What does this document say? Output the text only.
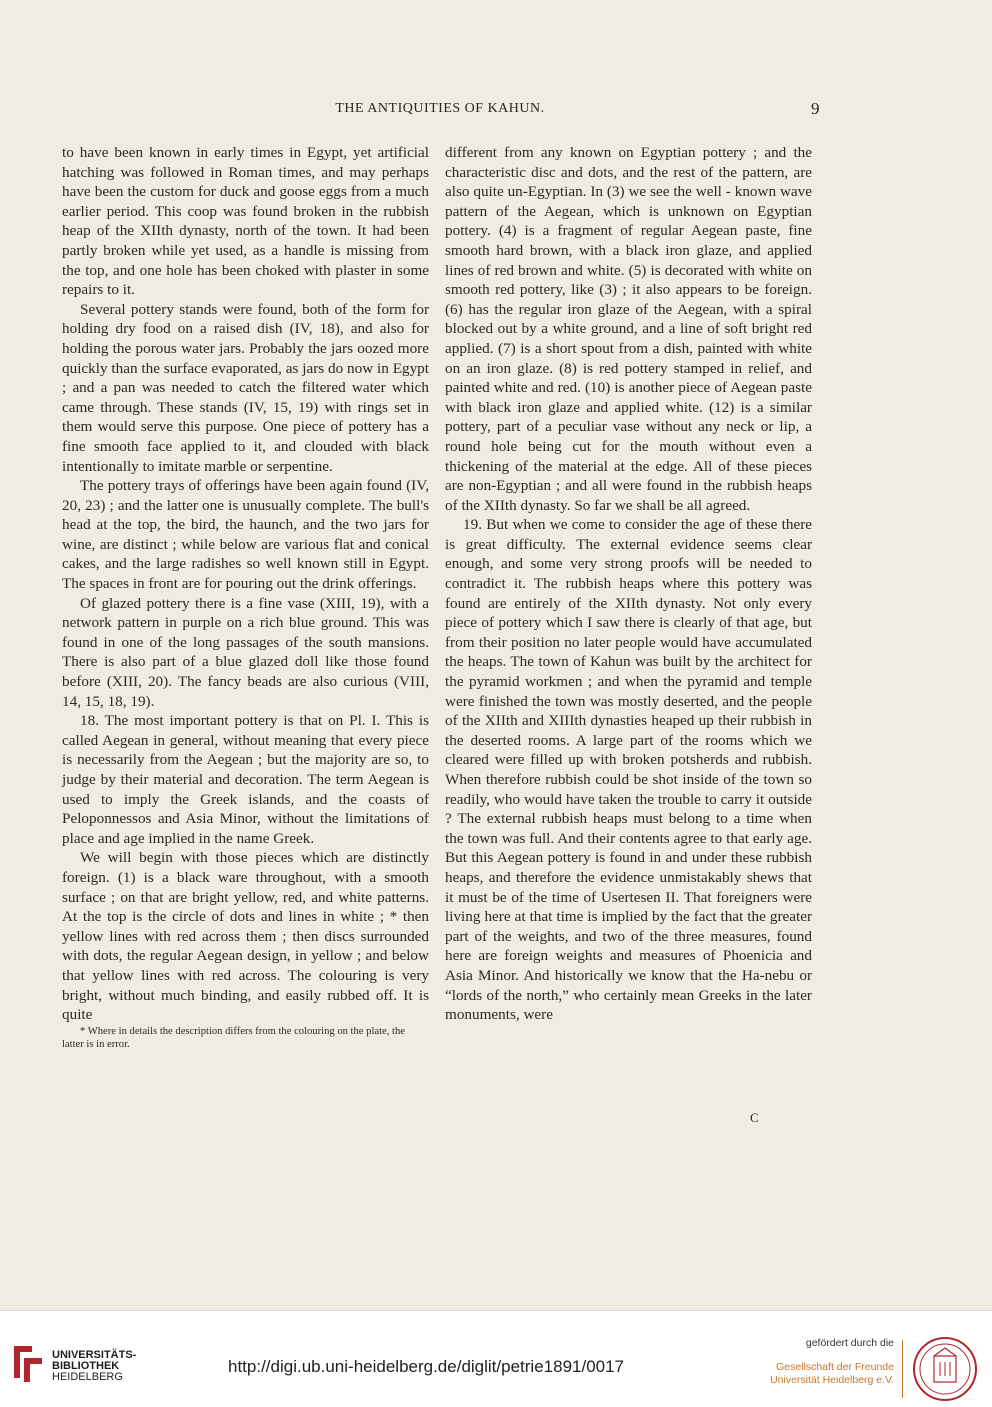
THE ANTIQUITIES OF KAHUN.	9

to have been known in early times in Egypt, yet artificial hatching was followed in Roman times, and may perhaps have been the custom for duck and goose eggs from a much earlier period. This coop was found broken in the rubbish heap of the XIIth dynasty, north of the town. It had been partly broken while yet used, as a handle is missing from the top, and one hole has been choked with plaster in some repairs to it.

Several pottery stands were found, both of the form for holding dry food on a raised dish (IV, 18), and also for holding the porous water jars. Probably the jars oozed more quickly than the surface evaporated, as jars do now in Egypt ; and a pan was needed to catch the filtered water which came through. These stands (IV, 15, 19) with rings set in them would serve this purpose. One piece of pottery has a fine smooth face applied to it, and clouded with black intentionally to imitate marble or serpentine.

The pottery trays of offerings have been again found (IV, 20, 23) ; and the latter one is unusually complete. The bull's head at the top, the bird, the haunch, and the two jars for wine, are distinct ; while below are various flat and conical cakes, and the large radishes so well known still in Egypt. The spaces in front are for pouring out the drink offerings.

Of glazed pottery there is a fine vase (XIII, 19), with a network pattern in purple on a rich blue ground. This was found in one of the long passages of the south mansions. There is also part of a blue glazed doll like those found before (XIII, 20). The fancy beads are also curious (VIII, 14, 15, 18, 19).

18. The most important pottery is that on Pl. I. This is called Aegean in general, without meaning that every piece is necessarily from the Aegean ; but the majority are so, to judge by their material and decoration. The term Aegean is used to imply the Greek islands, and the coasts of Peloponnessos and Asia Minor, without the limitations of place and age implied in the name Greek.

We will begin with those pieces which are distinctly foreign. (1) is a black ware throughout, with a smooth surface ; on that are bright yellow, red, and white patterns. At the top is the circle of dots and lines in white ; * then yellow lines with red across them ; then discs surrounded with dots, the regular Aegean design, in yellow ; and below that yellow lines with red across. The colouring is very bright, without much binding, and easily rubbed off. It is quite

* Where in details the description differs from the colouring on the plate, the latter is in error.

different from any known on Egyptian pottery ; and the characteristic disc and dots, and the rest of the pattern, are also quite un-Egyptian. In (3) we see the well - known wave pattern of the Aegean, which is unknown on Egyptian pottery. (4) is a fragment of regular Aegean paste, fine smooth hard brown, with a black iron glaze, and applied lines of red brown and white. (5) is decorated with white on smooth red pottery, like (3) ; it also appears to be foreign. (6) has the regular iron glaze of the Aegean, with a spiral blocked out by a white ground, and a line of soft bright red applied. (7) is a short spout from a dish, painted with white on an iron glaze. (8) is red pottery stamped in relief, and painted white and red. (10) is another piece of Aegean paste with black iron glaze and applied white. (12) is a similar pottery, part of a peculiar vase without any neck or lip, a round hole being cut for the mouth without even a thickening of the material at the edge. All of these pieces are non-Egyptian ; and all were found in the rubbish heaps of the XIIth dynasty. So far we shall be all agreed.

19. But when we come to consider the age of these there is great difficulty. The external evidence seems clear enough, and some very strong proofs will be needed to contradict it. The rubbish heaps where this pottery was found are entirely of the XIIth dynasty. Not only every piece of pottery which I saw there is clearly of that age, but from their position no later people would have accumulated the heaps. The town of Kahun was built by the architect for the pyramid workmen ; and when the pyramid and temple were finished the town was mostly deserted, and the people of the XIIth and XIIIth dynasties heaped up their rubbish in the deserted rooms. A large part of the rooms which we cleared were filled up with broken potsherds and rubbish. When therefore rubbish could be shot inside of the town so readily, who would have taken the trouble to carry it outside ? The external rubbish heaps must belong to a time when the town was full. And their contents agree to that early age. But this Aegean pottery is found in and under these rubbish heaps, and therefore the evidence unmistakably shews that it must be of the time of Usertesen II. That foreigners were living here at that time is implied by the fact that the greater part of the weights, and two of the three measures, found here are foreign weights and measures of Phoenicia and Asia Minor. And historically we know that the Ha-nebu or “lords of the north,” who certainly mean Greeks in the later monuments, were

C
UNIVERSITÄTS-
BIBLIOTHEK
HEIDELBERG
http://digi.ub.uni-heidelberg.de/diglit/petrie1891/0017
gefördert durch die
Gesellschaft der Freunde
Universität Heidelberg e.V.
